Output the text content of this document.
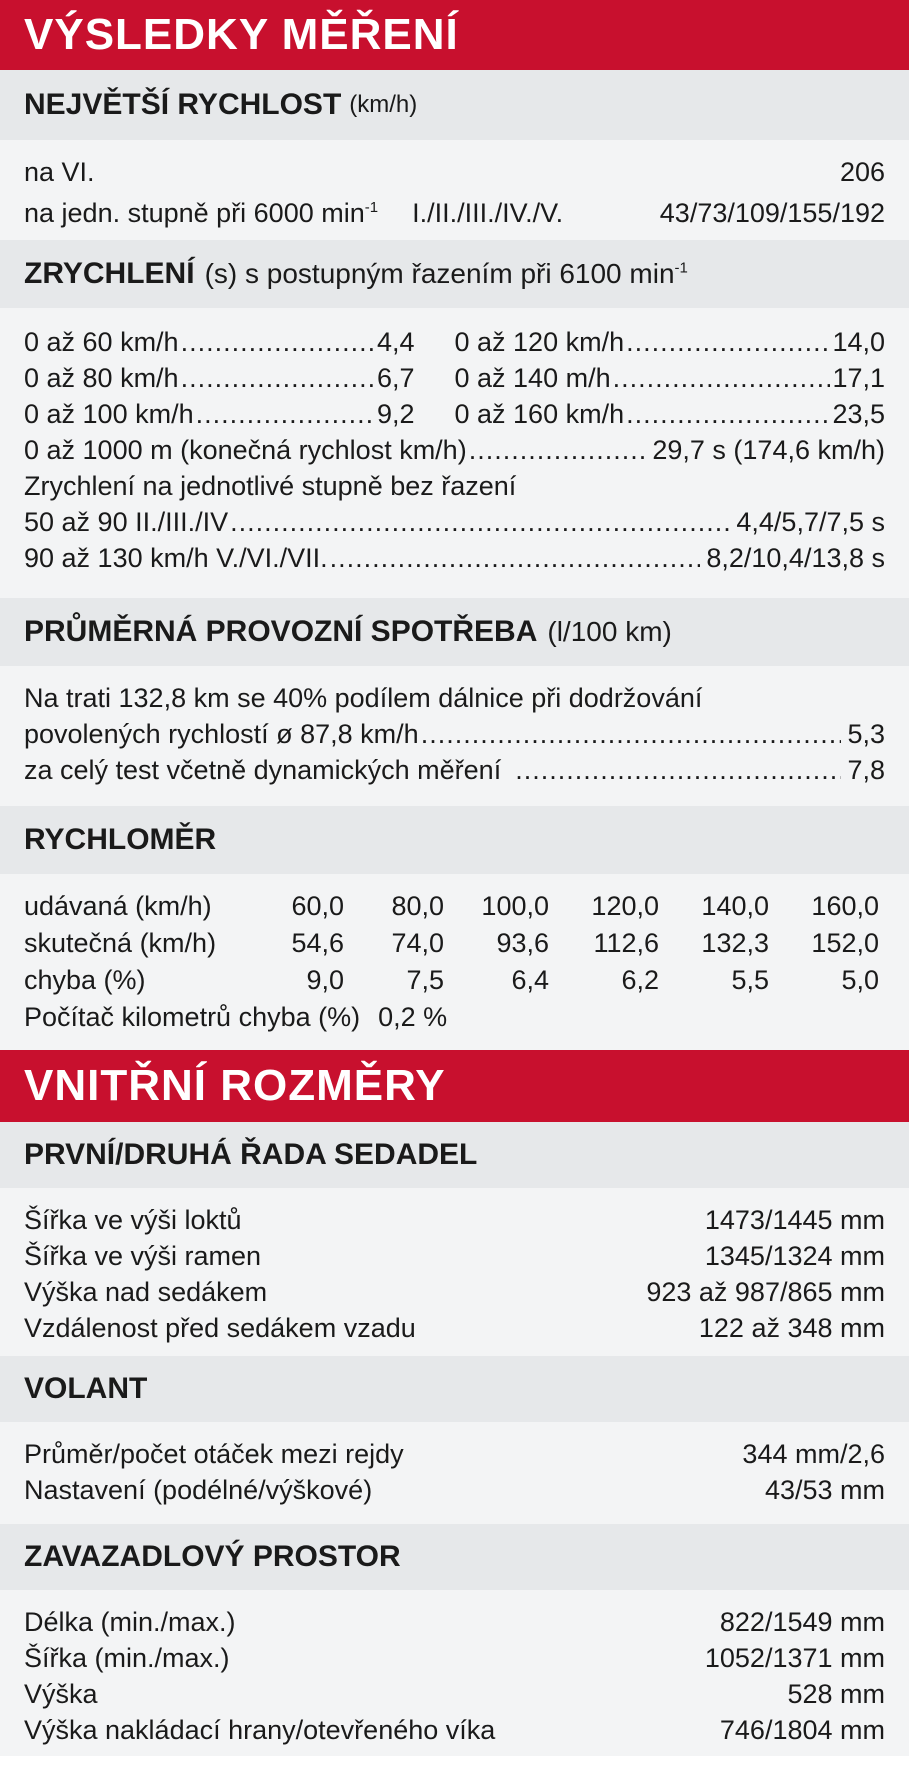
VÝSLEDKY MĚŘENÍ
NEJVĚTŠÍ RYCHLOST (km/h)
na VI.	206
na jedn. stupně při 6000 $\min^{-1} I./II./III./IV./V$.	43/73/109/155/192
ZRYCHLENÍ (s) s postupným řazením při 6100 $\min^{-1}$
0 až 60 km/h .....	4,4 0 až 120 km/h .....	14,0
0 až 80 km/h .....	6,7 0 až 140 m/h .....	17,1
0 až 100 km/h .....	9,2 0 až 160 km/h .....	23,5
0 až 1000 m (konečná rychlost km/h) .....	29,7 s (174,6 km/h)
Zrychlení na jednotlivé stupně bez řazení
50 až 90 II./III./IV .....	4,4/5,7/7,5 s
90 až 130 km/h V./VI./VII. .....	8,2/10,4/13,8 s
PRŮMĚRNÁ PROVOZNÍ SPOTŘEBA (l/100 km)
Na trati 132,8 km se 40% podílem dálnice při dodržování
povolených rychlostí ø 87,8 km/h .....	5,3
za celý test včetně dynamických měření .....	7,8
RYCHLOMĚR
udávaná (km/h)	60,0	80,0	100,0	120,0	140,0	160,0
skutečná (km/h)	54,6	74,0	93,6	112,6	132,3	152,0
chyba (%)	9,0	7,5	6,4	6,2	5,5	5,0
Počítač kilometrů chyba (%) 0,2 %
VNITŘNÍ ROZMĚRY
PRVNÍ/DRUHÁ ŘADA SEDADEL
Šířka ve výši loktů	1473/1445 mm
Šířka ve výši ramen	1345/1324 mm
Výška nad sedákem	923 až 987/865 mm
Vzdálenost před sedákem vzadu	122 až 348 mm
VOLANT
Průměr/počet otáček mezi rejdy	344 mm/2,6
Nastavení (podélné/výškové)	43/53 mm
ZAVAZADLOVÝ PROSTOR
Délka (min./max.)	822/1549 mm
Šířka (min./max.)	1052/1371 mm
Výška	528 mm
Výška nakládací hrany/otevřeného víka	746/1804 mm
